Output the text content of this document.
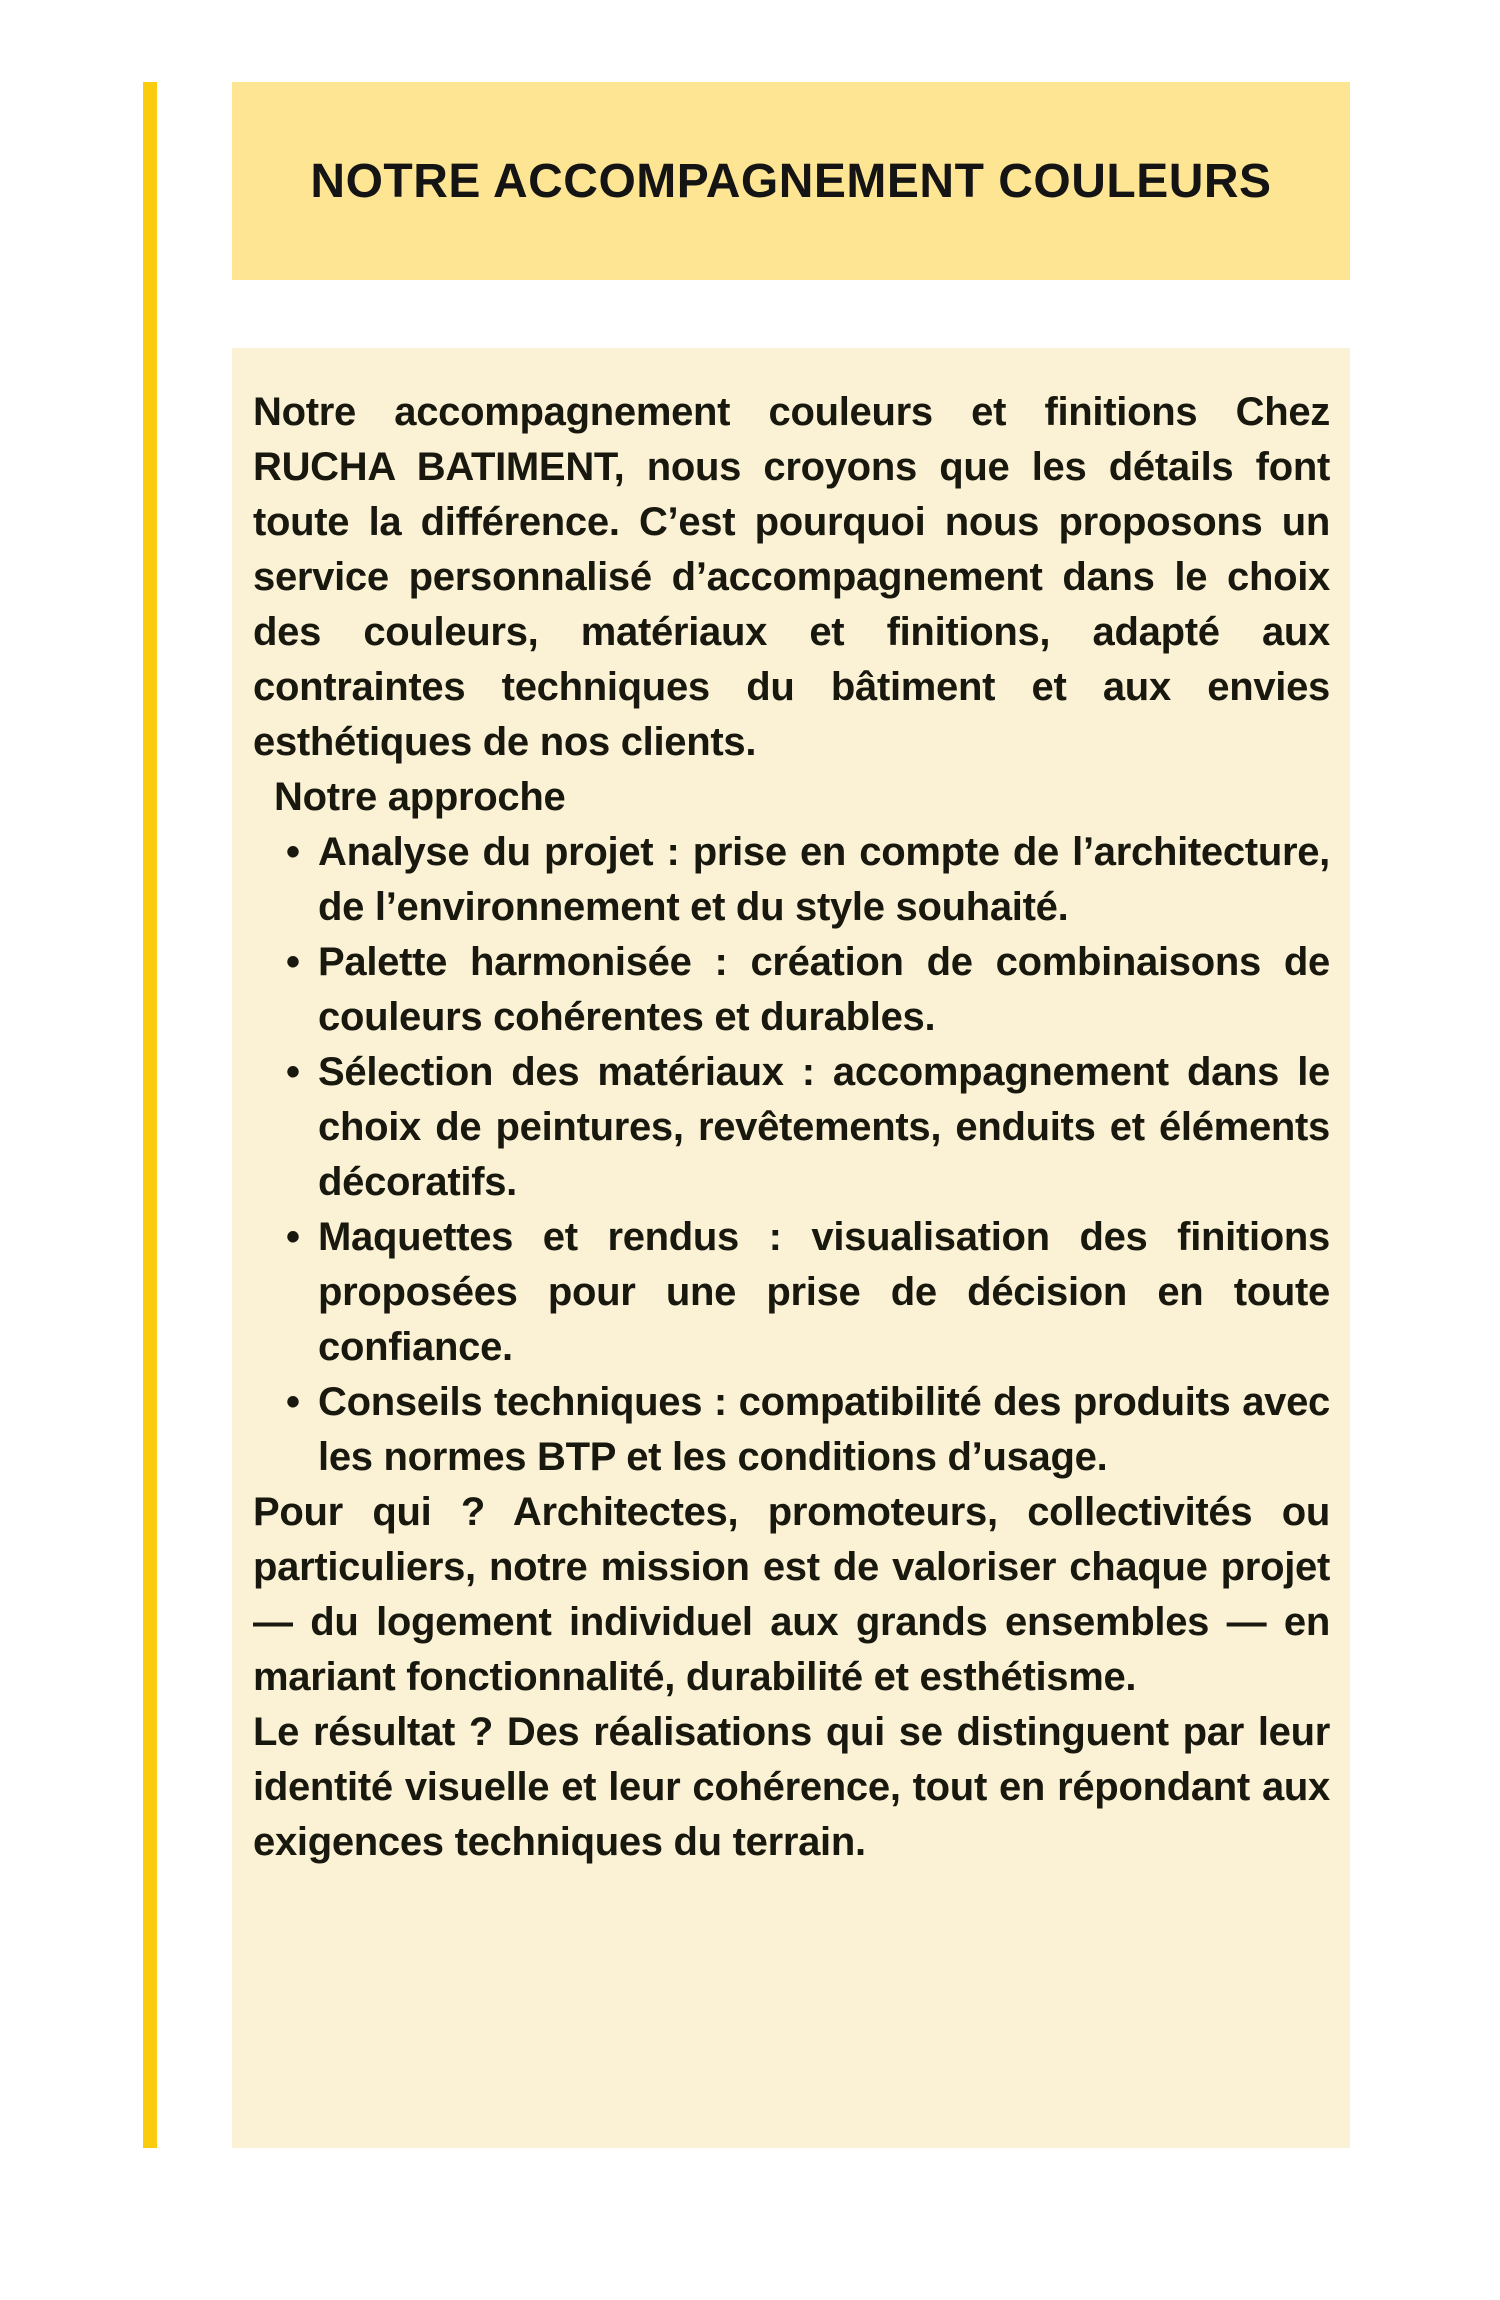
NOTRE ACCOMPAGNEMENT COULEURS

Notre accompagnement couleurs et finitions Chez RUCHA BATIMENT, nous croyons que les détails font toute la différence. C’est pourquoi nous proposons un service personnalisé d’accompagnement dans le choix des couleurs, matériaux et finitions, adapté aux contraintes techniques du bâtiment et aux envies esthétiques de nos clients.

Notre approche

• Analyse du projet : prise en compte de l’architecture, de l’environnement et du style souhaité.
• Palette harmonisée : création de combinaisons de couleurs cohérentes et durables.
• Sélection des matériaux : accompagnement dans le choix de peintures, revêtements, enduits et éléments décoratifs.
• Maquettes et rendus : visualisation des finitions proposées pour une prise de décision en toute confiance.
• Conseils techniques : compatibilité des produits avec les normes BTP et les conditions d’usage.

Pour qui ? Architectes, promoteurs, collectivités ou particuliers, notre mission est de valoriser chaque projet — du logement individuel aux grands ensembles — en mariant fonctionnalité, durabilité et esthétisme.

Le résultat ? Des réalisations qui se distinguent par leur identité visuelle et leur cohérence, tout en répondant aux exigences techniques du terrain.
